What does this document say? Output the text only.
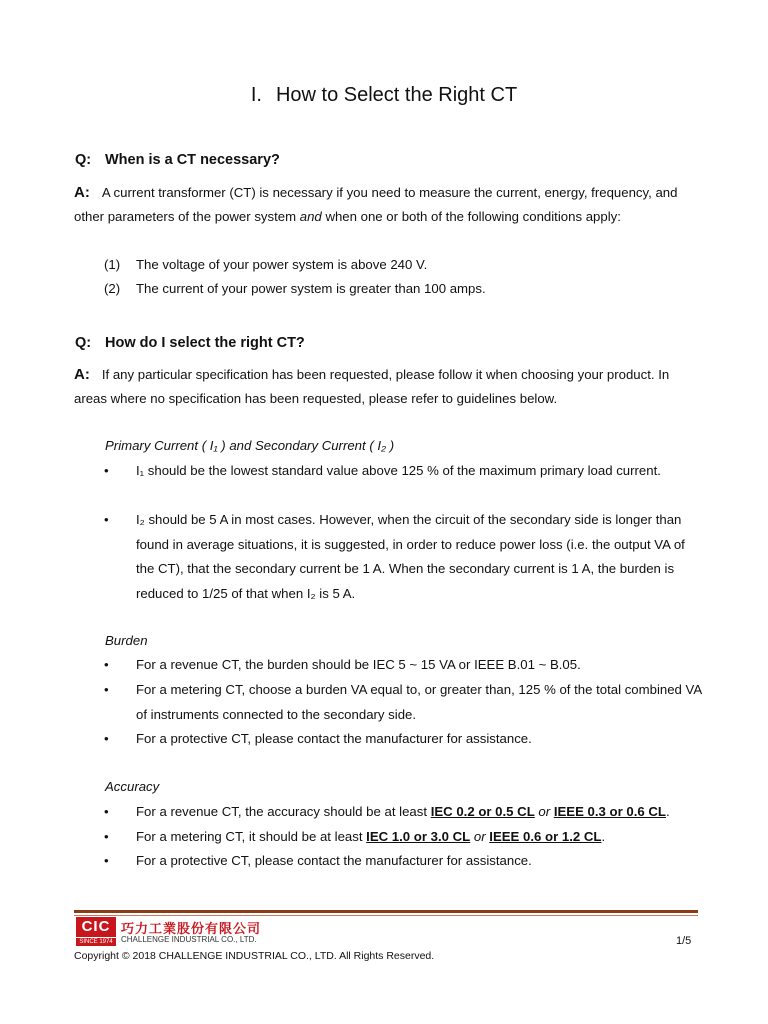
I. How to Select the Right CT
Q: When is a CT necessary?
A: A current transformer (CT) is necessary if you need to measure the current, energy, frequency, and other parameters of the power system and when one or both of the following conditions apply:
(1) The voltage of your power system is above 240 V.
(2) The current of your power system is greater than 100 amps.
Q: How do I select the right CT?
A: If any particular specification has been requested, please follow it when choosing your product. In areas where no specification has been requested, please refer to guidelines below.
Primary Current ( I₁ ) and Secondary Current ( I₂ )
• I₁ should be the lowest standard value above 125 % of the maximum primary load current.
• I₂ should be 5 A in most cases. However, when the circuit of the secondary side is longer than found in average situations, it is suggested, in order to reduce power loss (i.e. the output VA of the CT), that the secondary current be 1 A. When the secondary current is 1 A, the burden is reduced to 1/25 of that when I₂ is 5 A.
Burden
• For a revenue CT, the burden should be IEC 5 ~ 15 VA or IEEE B.01 ~ B.05.
• For a metering CT, choose a burden VA equal to, or greater than, 125 % of the total combined VA of instruments connected to the secondary side.
• For a protective CT, please contact the manufacturer for assistance.
Accuracy
• For a revenue CT, the accuracy should be at least IEC 0.2 or 0.5 CL or IEEE 0.3 or 0.6 CL.
• For a metering CT, it should be at least IEC 1.0 or 3.0 CL or IEEE 0.6 or 1.2 CL.
• For a protective CT, please contact the manufacturer for assistance.
CIC
SINCE 1974
巧力工業股份有限公司
CHALLENGE INDUSTRIAL CO., LTD.	1/5
Copyright © 2018 CHALLENGE INDUSTRIAL CO., LTD. All Rights Reserved.
